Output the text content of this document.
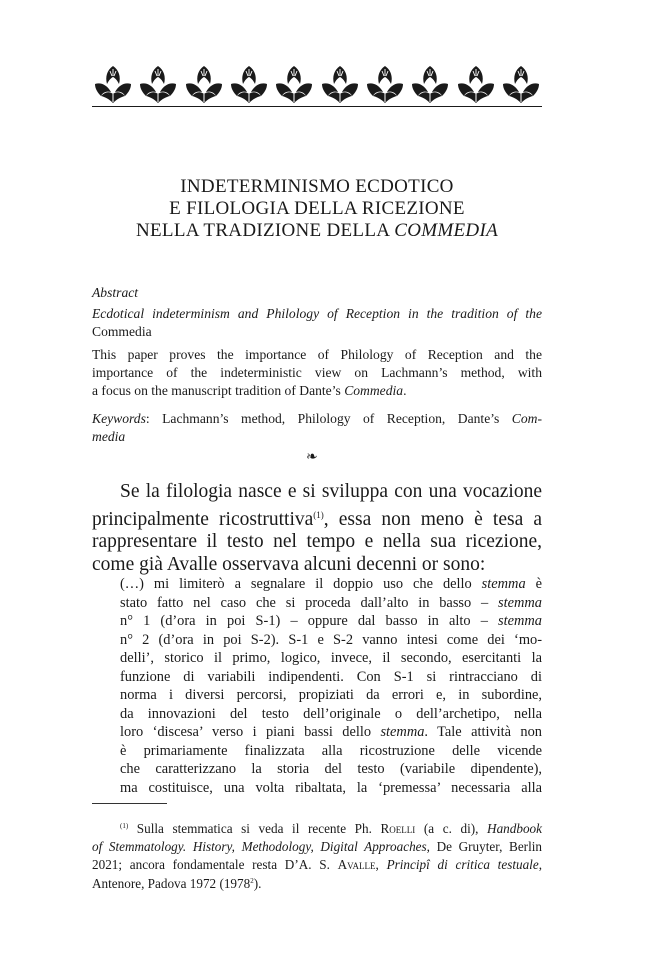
INDETERMINISMO ECDOTICO
E FILOLOGIA DELLA RICEZIONE
NELLA TRADIZIONE DELLA COMMEDIA
Abstract
Ecdotical indeterminism and Philology of Reception in the tradition of the
Commedia
This paper proves the importance of Philology of Reception and the
importance of the indeterministic view on Lachmann’s method, with
a focus on the manuscript tradition of Dante’s Commedia.
Keywords: Lachmann’s method, Philology of Reception, Dante’s Com-
media
❧
Se la filologia nasce e si sviluppa con una vocazione
principalmente ricostruttiva$^{(1)}$, essa non meno è tesa a
rappresentare il testo nel tempo e nella sua ricezione,
come già Avalle osservava alcuni decenni or sono:
(…) mi limiterò a segnalare il doppio uso che dello stemma è
stato fatto nel caso che si proceda dall’alto in basso – stemma
n° 1 (d’ora in poi S-1) – oppure dal basso in alto – stemma
n° 2 (d’ora in poi S-2). S-1 e S-2 vanno intesi come dei ‘mo-
delli’, storico il primo, logico, invece, il secondo, esercitanti la
funzione di variabili indipendenti. Con S-1 si rintracciano di
norma i diversi percorsi, propiziati da errori e, in subordine,
da innovazioni del testo dell’originale o dell’archetipo, nella
loro ‘discesa’ verso i piani bassi dello stemma. Tale attività non
è primariamente finalizzata alla ricostruzione delle vicende
che caratterizzano la storia del testo (variabile dipendente),
ma costituisce, una volta ribaltata, la ‘premessa’ necessaria alla
$^{(1)}$ Sulla stemmatica si veda il recente Ph. Roelli (a c. di), Handbook
of Stemmatology. History, Methodology, Digital Approaches, De Gruyter, Berlin
2021; ancora fondamentale resta D’A. S. Avalle, Principî di critica testuale,
Antenore, Padova 1972 (1978$^2$).
